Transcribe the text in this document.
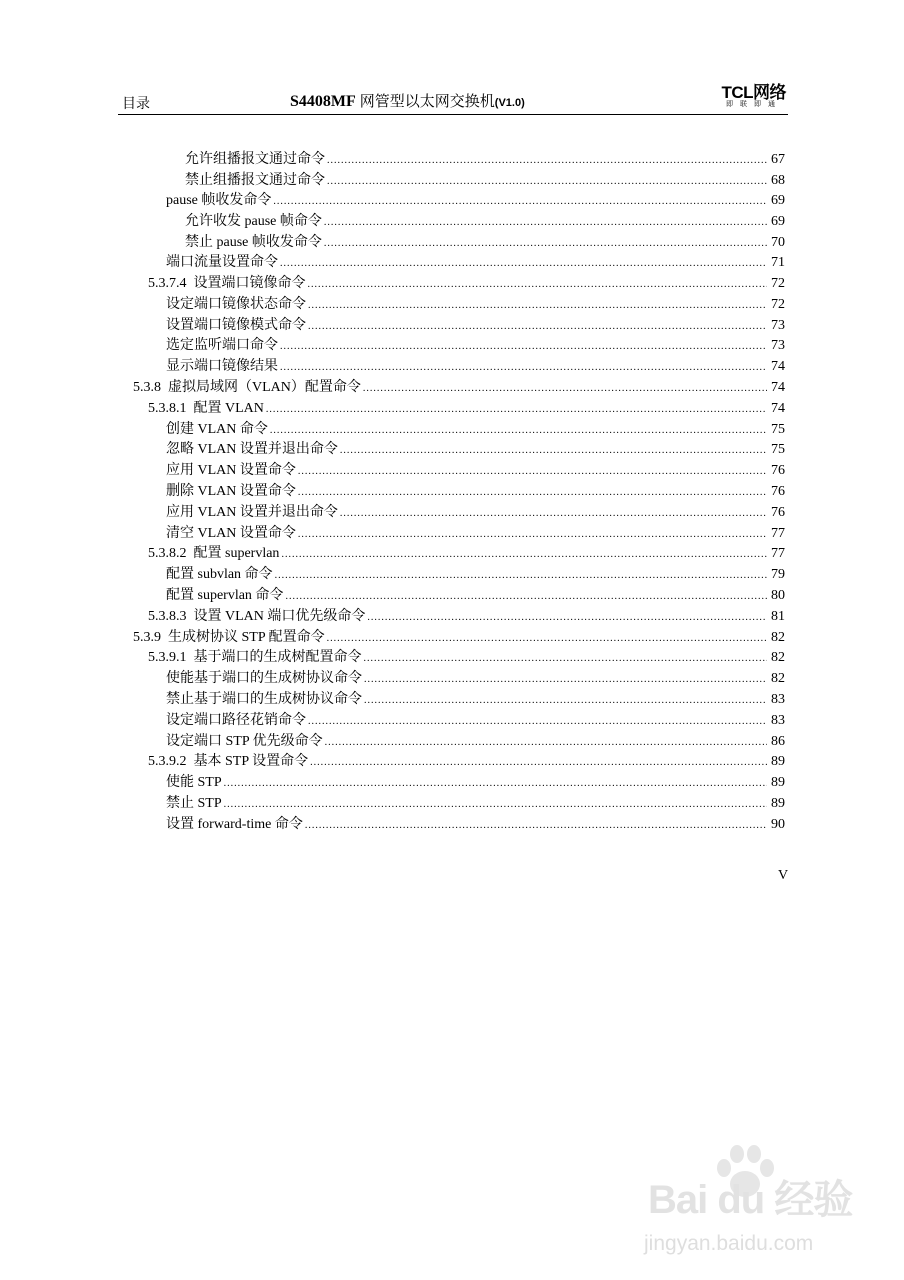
目录	S4408MF 网管型以太网交换机(V1.0)
TCL网络
即联即通
允许组播报文通过命令 .....	67
禁止组播报文通过命令 .....	68
pause 帧收发命令 .....	69
允许收发 pause 帧命令 .....	69
禁止 pause 帧收发命令 .....	70
端口流量设置命令 .....	71
5.3.7.4  设置端口镜像命令 .....	72
设定端口镜像状态命令 .....	72
设置端口镜像模式命令 .....	73
选定监听端口命令 .....	73
显示端口镜像结果 .....	74
5.3.8  虚拟局域网（VLAN）配置命令 .....	74
5.3.8.1  配置 VLAN .....	74
创建 VLAN 命令 .....	75
忽略 VLAN 设置并退出命令 .....	75
应用 VLAN 设置命令 .....	76
删除 VLAN 设置命令 .....	76
应用 VLAN 设置并退出命令 .....	76
清空 VLAN 设置命令 .....	77
5.3.8.2  配置 supervlan .....	77
配置 subvlan 命令 .....	79
配置 supervlan 命令 .....	80
5.3.8.3  设置 VLAN 端口优先级命令 .....	81
5.3.9  生成树协议 STP 配置命令 .....	82
5.3.9.1  基于端口的生成树配置命令 .....	82
使能基于端口的生成树协议命令 .....	82
禁止基于端口的生成树协议命令 .....	83
设定端口路径花销命令 .....	83
设定端口 STP 优先级命令 .....	86
5.3.9.2  基本 STP 设置命令 .....	89
使能 STP .....	89
禁止 STP .....	89
设置 forward-time 命令 .....	90
V
Bai du 经验
jingyan.baidu.com
